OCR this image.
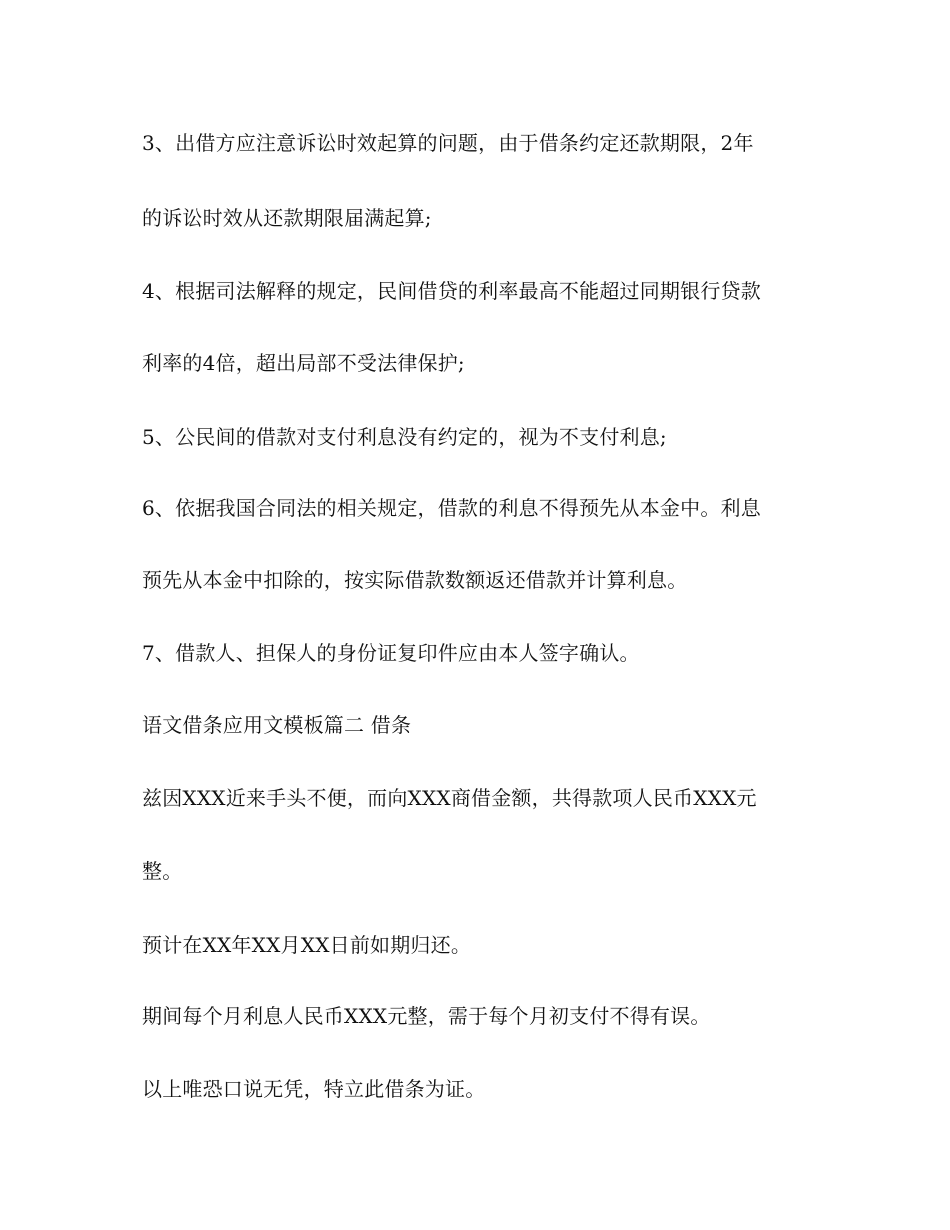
3、出借方应注意诉讼时效起算的问题，由于借条约定还款期限，2年
的诉讼时效从还款期限届满起算;
4、根据司法解释的规定，民间借贷的利率最高不能超过同期银行贷款
利率的4倍，超出局部不受法律保护;
5、公民间的借款对支付利息没有约定的，视为不支付利息;
6、依据我国合同法的相关规定，借款的利息不得预先从本金中。利息
预先从本金中扣除的，按实际借款数额返还借款并计算利息。
7、借款人、担保人的身份证复印件应由本人签字确认。
语文借条应用文模板篇二 借条
兹因XXX近来手头不便，而向XXX商借金额，共得款项人民币XXX元
整。
预计在XX年XX月XX日前如期归还。
期间每个月利息人民币XXX元整，需于每个月初支付不得有误。
以上唯恐口说无凭，特立此借条为证。
